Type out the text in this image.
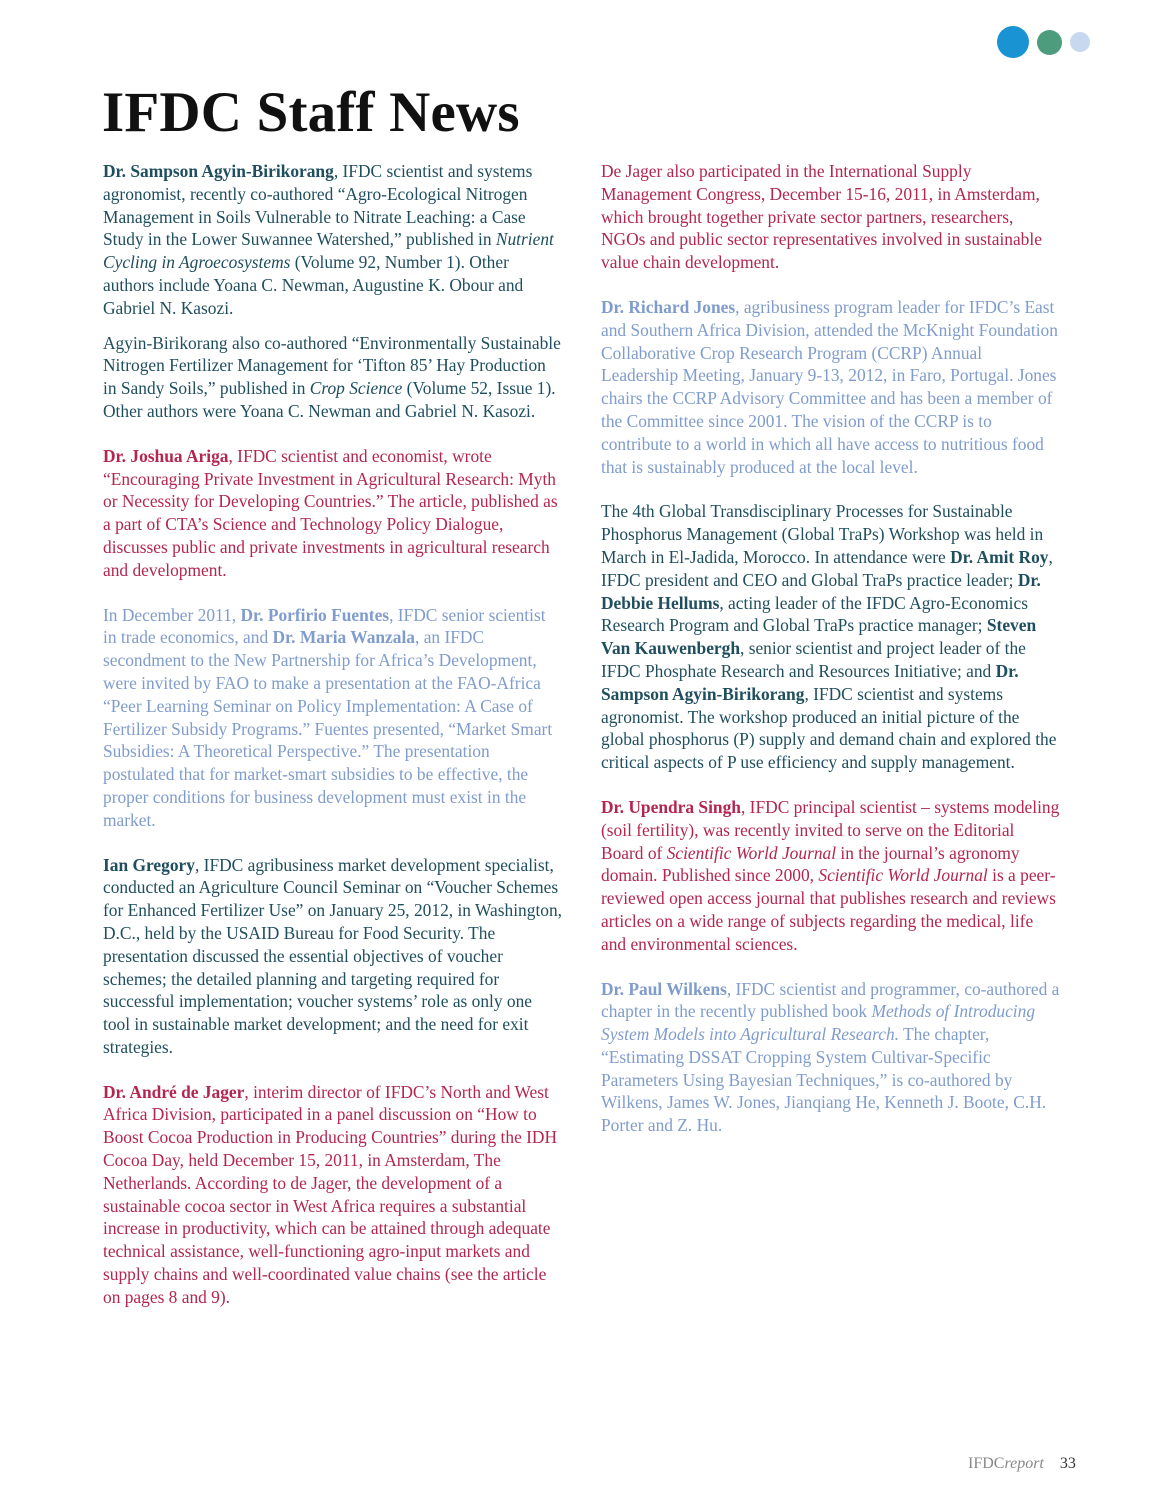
IFDC Staff News

Dr. Sampson Agyin-Birikorang, IFDC scientist and systems agronomist, recently co-authored “Agro-Ecological Nitrogen Management in Soils Vulnerable to Nitrate Leaching: a Case Study in the Lower Suwannee Watershed,” published in Nutrient Cycling in Agroecosystems (Volume 92, Number 1). Other authors include Yoana C. Newman, Augustine K. Obour and Gabriel N. Kasozi.

Agyin-Birikorang also co-authored “Environmentally Sustainable Nitrogen Fertilizer Management for ‘Tifton 85’ Hay Production in Sandy Soils,” published in Crop Science (Volume 52, Issue 1). Other authors were Yoana C. Newman and Gabriel N. Kasozi.

Dr. Joshua Ariga, IFDC scientist and economist, wrote “Encouraging Private Investment in Agricultural Research: Myth or Necessity for Developing Countries.” The article, published as a part of CTA’s Science and Technology Policy Dialogue, discusses public and private investments in agricultural research and development.

In December 2011, Dr. Porfirio Fuentes, IFDC senior scientist in trade economics, and Dr. Maria Wanzala, an IFDC secondment to the New Partnership for Africa’s Development, were invited by FAO to make a presentation at the FAO-Africa “Peer Learning Seminar on Policy Implementation: A Case of Fertilizer Subsidy Programs.” Fuentes presented, “Market Smart Subsidies: A Theoretical Perspective.” The presentation postulated that for market-smart subsidies to be effective, the proper conditions for business development must exist in the market.

Ian Gregory, IFDC agribusiness market development specialist, conducted an Agriculture Council Seminar on “Voucher Schemes for Enhanced Fertilizer Use” on January 25, 2012, in Washington, D.C., held by the USAID Bureau for Food Security. The presentation discussed the essential objectives of voucher schemes; the detailed planning and targeting required for successful implementation; voucher systems’ role as only one tool in sustainable market development; and the need for exit strategies.

Dr. André de Jager, interim director of IFDC’s North and West Africa Division, participated in a panel discussion on “How to Boost Cocoa Production in Producing Countries” during the IDH Cocoa Day, held December 15, 2011, in Amsterdam, The Netherlands. According to de Jager, the development of a sustainable cocoa sector in West Africa requires a substantial increase in productivity, which can be attained through adequate technical assistance, well-functioning agro-input markets and supply chains and well-coordinated value chains (see the article on pages 8 and 9).

De Jager also participated in the International Supply Management Congress, December 15-16, 2011, in Amsterdam, which brought together private sector partners, researchers, NGOs and public sector representatives involved in sustainable value chain development.

Dr. Richard Jones, agribusiness program leader for IFDC’s East and Southern Africa Division, attended the McKnight Foundation Collaborative Crop Research Program (CCRP) Annual Leadership Meeting, January 9-13, 2012, in Faro, Portugal. Jones chairs the CCRP Advisory Committee and has been a member of the Committee since 2001. The vision of the CCRP is to contribute to a world in which all have access to nutritious food that is sustainably produced at the local level.

The 4th Global Transdisciplinary Processes for Sustainable Phosphorus Management (Global TraPs) Workshop was held in March in El-Jadida, Morocco. In attendance were Dr. Amit Roy, IFDC president and CEO and Global TraPs practice leader; Dr. Debbie Hellums, acting leader of the IFDC Agro-Economics Research Program and Global TraPs practice manager; Steven Van Kauwenbergh, senior scientist and project leader of the IFDC Phosphate Research and Resources Initiative; and Dr. Sampson Agyin-Birikorang, IFDC scientist and systems agronomist. The workshop produced an initial picture of the global phosphorus (P) supply and demand chain and explored the critical aspects of P use efficiency and supply management.

Dr. Upendra Singh, IFDC principal scientist – systems modeling (soil fertility), was recently invited to serve on the Editorial Board of Scientific World Journal in the journal’s agronomy domain. Published since 2000, Scientific World Journal is a peer-reviewed open access journal that publishes research and reviews articles on a wide range of subjects regarding the medical, life and environmental sciences.

Dr. Paul Wilkens, IFDC scientist and programmer, co-authored a chapter in the recently published book Methods of Introducing System Models into Agricultural Research. The chapter, “Estimating DSSAT Cropping System Cultivar-Specific Parameters Using Bayesian Techniques,” is co-authored by Wilkens, James W. Jones, Jianqiang He, Kenneth J. Boote, C.H. Porter and Z. Hu.

IFDCreport 33
